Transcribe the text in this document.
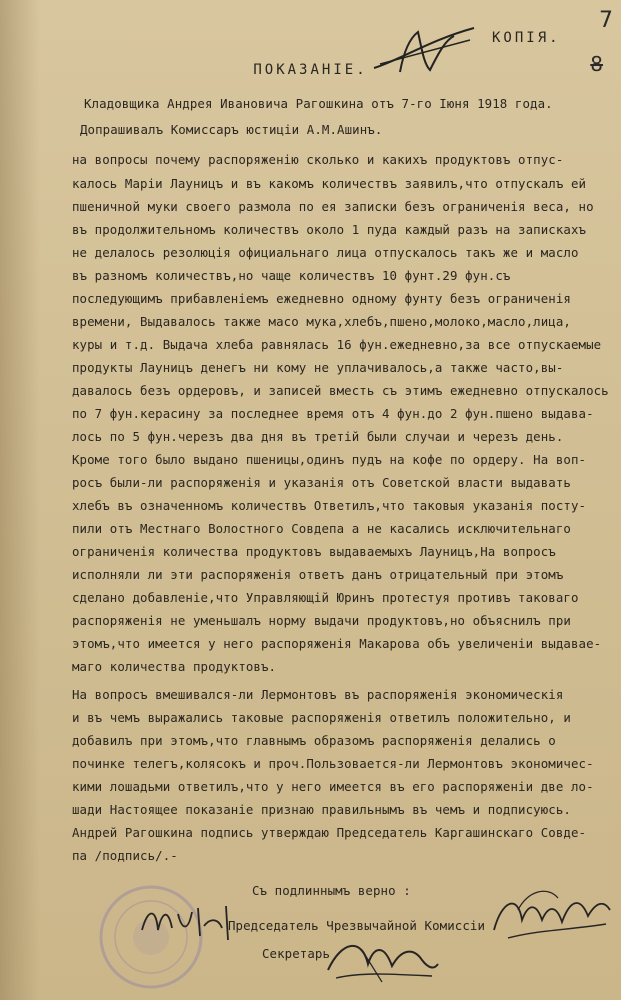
7
8
КОПІЯ.
ПОКАЗАНІЕ.
Кладовщика Андрея Ивановича Рагошкина отъ 7-го Іюня 1918 года.
Допрашивалъ Комиссаръ юстиціи А.М.Ашинъ.
на вопросы почему распоряженію сколько и какихъ продуктовъ отпус-
калось Маріи Лауницъ и въ какомъ количествъ заявилъ,что отпускалъ ей
пшеничной муки своего размола по ея записки безъ ограниченія веса, но
въ продолжительномъ количествъ около 1 пуда каждый разъ на запискахъ
не делалось резолюція официальнаго лица отпускалось такъ же и масло
въ разномъ количествъ,но чаще количествъ 10 фунт.29 фун.съ
последующимъ прибавленіемъ ежедневно одному фунту безъ ограниченія
времени, Выдавалось также масо мука,хлебъ,пшено,молоко,масло,лица,
куры и т.д. Выдача хлеба равнялась 16 фун.ежедневно,за все отпускаемые
продукты Лауницъ денегъ ни кому не уплачивалось,а также часто,вы-
давалось безъ ордеровъ, и записей вместь съ этимъ ежедневно отпускалось
по 7 фун.керасину за последнее время отъ 4 фун.до 2 фун.пшено выдава-
лось по 5 фун.черезъ два дня въ третій были случаи и черезъ день.
Кроме того было выдано пшеницы,одинъ пудъ на кофе по ордеру. На воп-
росъ были-ли распоряженія и указанія отъ Советской власти выдавать
хлебъ въ означенномъ количествъ Ответилъ,что таковыя указанія посту-
пили отъ Местнаго Волостного Совдепа а не касались исключительнаго
ограниченія количества продуктовъ выдаваемыхъ Лауницъ,На вопросъ
исполняли ли эти распоряженія ответъ данъ отрицательный при этомъ
сделано добавленіе,что Управляющій Юринъ протестуя противъ таковаго
распоряженія не уменьшалъ норму выдачи продуктовъ,но объяснилъ при
этомъ,что имеется у него распоряженія Макарова объ увеличеніи выдавае-
маго количества продуктовъ.
На вопросъ вмешивался-ли Лермонтовъ въ распоряженія экономическія
и въ чемъ выражались таковые распоряженія ответилъ положительно, и
добавилъ при этомъ,что главнымъ образомъ распоряженія делались о
починке телегъ,колясокъ и проч.Пользовается-ли Лермонтовъ экономичес-
кими лошадьми ответилъ,что у него имеется въ его распоряженіи две ло-
шади Настоящее показаніе признаю правильнымъ въ чемъ и подписуюсь.
Андрей Рагошкина подпись утверждаю Председатель Каргашинскаго Совде-
па /подпись/.-
Съ подлиннымъ верно :
Председатель Чрезвычайной Комиссіи
Секретарь
